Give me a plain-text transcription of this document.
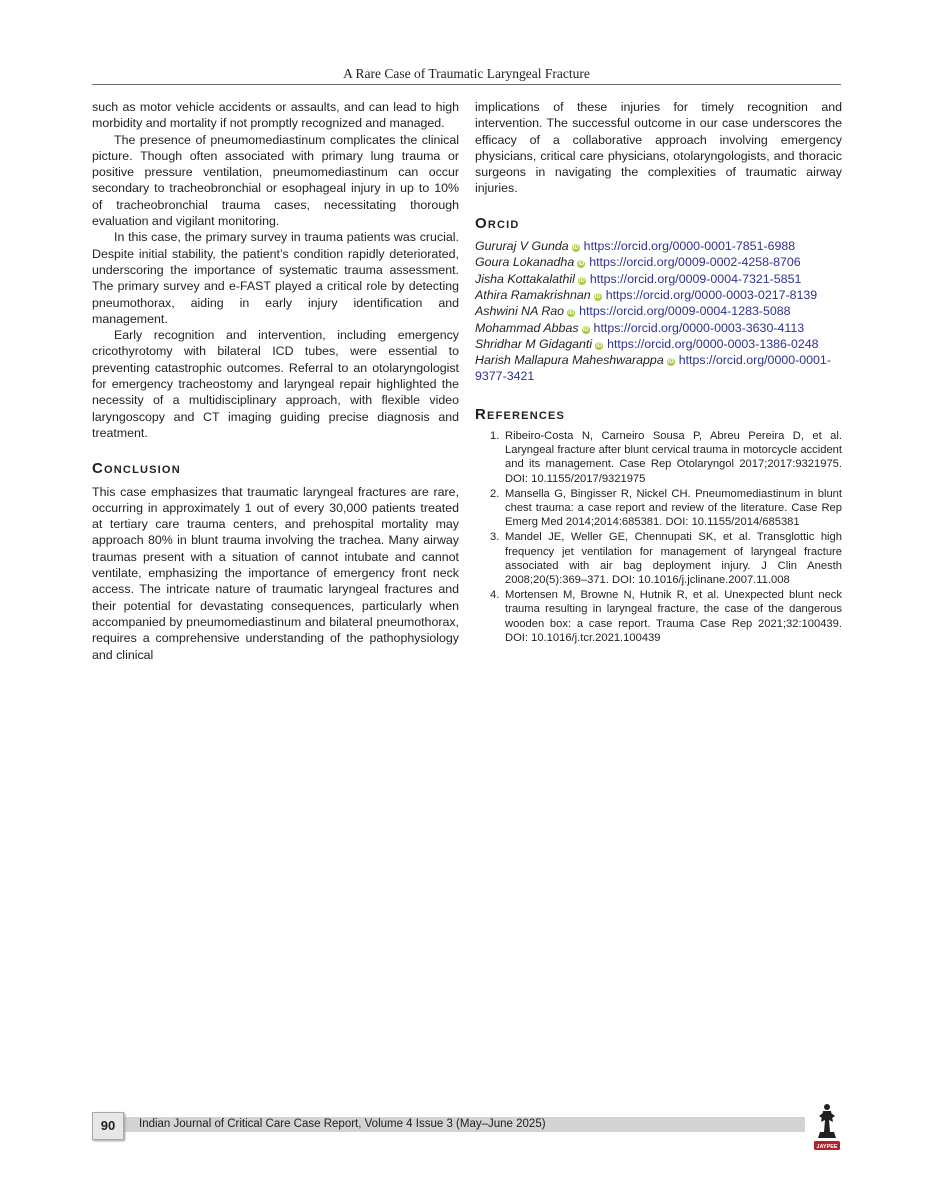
A Rare Case of Traumatic Laryngeal Fracture

such as motor vehicle accidents or assaults, and can lead to high morbidity and mortality if not promptly recognized and managed.

The presence of pneumomediastinum complicates the clinical picture. Though often associated with primary lung trauma or positive pressure ventilation, pneumomediastinum can occur secondary to tracheobronchial or esophageal injury in up to 10% of tracheobronchial trauma cases, necessitating thorough evaluation and vigilant monitoring.

In this case, the primary survey in trauma patients was crucial. Despite initial stability, the patient’s condition rapidly deteriorated, underscoring the importance of systematic trauma assessment. The primary survey and e-FAST played a critical role by detecting pneumothorax, aiding in early injury identification and management.

Early recognition and intervention, including emergency cricothyrotomy with bilateral ICD tubes, were essential to preventing catastrophic outcomes. Referral to an otolaryngologist for emergency tracheostomy and laryngeal repair highlighted the necessity of a multidisciplinary approach, with flexible video laryngoscopy and CT imaging guiding precise diagnosis and treatment.

Conclusion

This case emphasizes that traumatic laryngeal fractures are rare, occurring in approximately 1 out of every 30,000 patients treated at tertiary care trauma centers, and prehospital mortality may approach 80% in blunt trauma involving the trachea. Many airway traumas present with a situation of cannot intubate and cannot ventilate, emphasizing the importance of emergency front neck access. The intricate nature of traumatic laryngeal fractures and their potential for devastating consequences, particularly when accompanied by pneumomediastinum and bilateral pneumothorax, requires a comprehensive understanding of the pathophysiology and clinical

implications of these injuries for timely recognition and intervention. The successful outcome in our case underscores the efficacy of a collaborative approach involving emergency physicians, critical care physicians, otolaryngologists, and thoracic surgeons in navigating the complexities of traumatic airway injuries.

Orcid
Gururaj V Gunda iD https://orcid.org/0000-0001-7851-6988
Goura Lokanadha iD https://orcid.org/0009-0002-4258-8706
Jisha Kottakalathil iD https://orcid.org/0009-0004-7321-5851
Athira Ramakrishnan iD https://orcid.org/0000-0003-0217-8139
Ashwini NA Rao iD https://orcid.org/0009-0004-1283-5088
Mohammad Abbas iD https://orcid.org/0000-0003-3630-4113
Shridhar M Gidaganti iD https://orcid.org/0000-0003-1386-0248
Harish Mallapura Maheshwarappa iD https://orcid.org/0000-0001-9377-3421
References
1. Ribeiro-Costa N, Carneiro Sousa P, Abreu Pereira D, et al. Laryngeal fracture after blunt cervical trauma in motorcycle accident and its management. Case Rep Otolaryngol 2017;2017:9321975. DOI: 10.1155/2017/9321975
2. Mansella G, Bingisser R, Nickel CH. Pneumomediastinum in blunt chest trauma: a case report and review of the literature. Case Rep Emerg Med 2014;2014:685381. DOI: 10.1155/2014/685381
3. Mandel JE, Weller GE, Chennupati SK, et al. Transglottic high frequency jet ventilation for management of laryngeal fracture associated with air bag deployment injury. J Clin Anesth 2008;20(5):369–371. DOI: 10.1016/j.jclinane.2007.11.008
4. Mortensen M, Browne N, Hutnik R, et al. Unexpected blunt neck trauma resulting in laryngeal fracture, the case of the dangerous wooden box: a case report. Trauma Case Rep 2021;32:100439. DOI: 10.1016/j.tcr.2021.100439
90	Indian Journal of Critical Care Case Report, Volume 4 Issue 3 (May–June 2025)
JAYPEE
